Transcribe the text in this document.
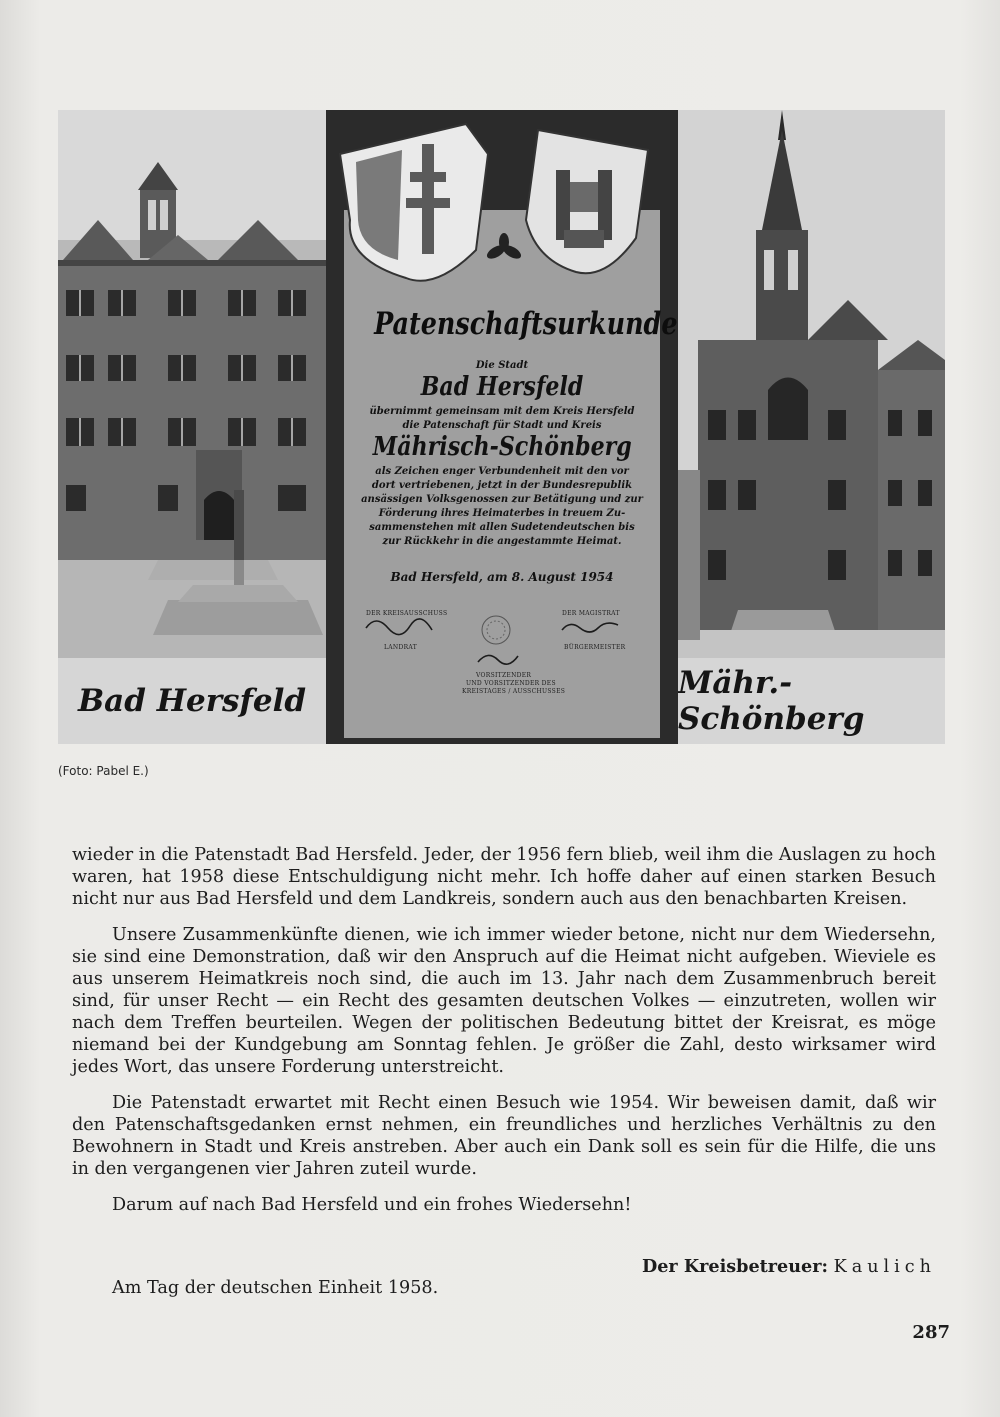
Bad Hersfeld
Patenschaftsurkunde
Die Stadt
Bad Hersfeld
übernimmt gemeinsam mit dem Kreis Hersfeld
die Patenschaft für Stadt und Kreis
Mährisch-Schönberg
als Zeichen enger Verbundenheit mit den vor
dort vertriebenen, jetzt in der Bundesrepublik
ansässigen Volksgenossen zur Betätigung und zur
Förderung ihres Heimaterbes in treuem Zu-
sammenstehen mit allen Sudetendeutschen bis
zur Rückkehr in die angestammte Heimat.
Bad Hersfeld, am 8. August 1954
DER KREISAUSSCHUSS
LANDRAT
DER MAGISTRAT
BÜRGERMEISTER
VORSITZENDER
UND VORSITZENDER DES
KREISTAGES / AUSSCHUSSES	Mähr.-Schönberg
(Foto: Pabel E.)

wieder in die Patenstadt Bad Hersfeld. Jeder, der 1956 fern blieb, weil ihm die Auslagen zu hoch waren, hat 1958 diese Entschuldigung nicht mehr. Ich hoffe daher auf einen starken Besuch nicht nur aus Bad Hersfeld und dem Landkreis, sondern auch aus den benachbarten Kreisen.

Unsere Zusammenkünfte dienen, wie ich immer wieder betone, nicht nur dem Wiedersehn, sie sind eine Demonstration, daß wir den Anspruch auf die Heimat nicht aufgeben. Wieviele es aus unserem Heimatkreis noch sind, die auch im 13. Jahr nach dem Zusammenbruch bereit sind, für unser Recht — ein Recht des gesamten deutschen Volkes — einzutreten, wollen wir nach dem Treffen beurteilen. Wegen der politischen Bedeutung bittet der Kreisrat, es möge niemand bei der Kundgebung am Sonntag fehlen. Je größer die Zahl, desto wirksamer wird jedes Wort, das unsere Forderung unterstreicht.

Die Patenstadt erwartet mit Recht einen Besuch wie 1954. Wir beweisen damit, daß wir den Patenschaftsgedanken ernst nehmen, ein freundliches und herzliches Verhältnis zu den Bewohnern in Stadt und Kreis anstreben. Aber auch ein Dank soll es sein für die Hilfe, die uns in den vergangenen vier Jahren zuteil wurde.

Darum auf nach Bad Hersfeld und ein frohes Wiedersehn!

Der Kreisbetreuer: Kaulich
Am Tag der deutschen Einheit 1958.
287
